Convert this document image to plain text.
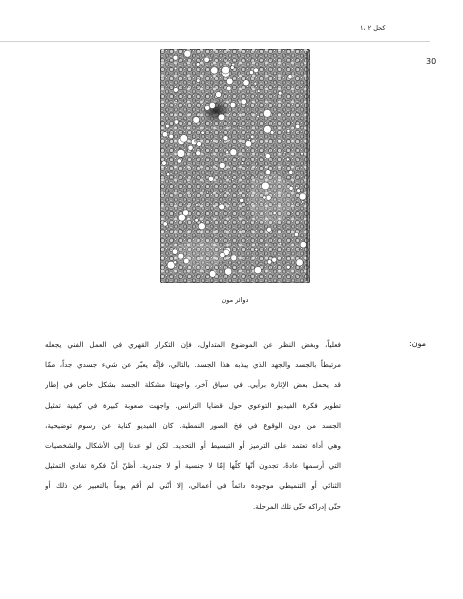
كحل ٢ ،١
30
دوائر مون
مون:
فعلياً، وبغض النظر عن الموضوع المتداول، فإن التكرار القهري في العمل الفني يجعله
مرتبطاً بالجسد والجهد الذي يبذبه هذا الجسد. بالتالي، فإنَّه يعبّر عن شيء جسدي جداً، ممّا
قد يحمل بعض الإثارة برأيي. في سياق آخر، واجهتنا مشكلة الجسد بشكل خاص في إطار
تطوير فكرة الفيديو التوعوي حول قضايا الترانس. واجهت صعوبة كبيرة في كيفية تمثيل
الجسد من دون الوقوع في فخ الصور النمطية. كان الفيديو كناية عن رسوم توضيحية،
وهي أداة تعتمد على الترميز أو التبسيط أو التحديد. لكن لو عدنا إلى الأشكال والشخصيات
التي أرسمها عادةً، تجدون أنّها كلّها إمّا لا جنسية أو لا جندرية. أظنّ أنّ فكرة تفادي التمثيل
الثنائي أو التنميطي موجودة دائماً في أعمالي، إلا أنّني لم أقم يوماً بالتعبير عن ذلك أو
حتّى إدراكه حتّى تلك المرحلة.
